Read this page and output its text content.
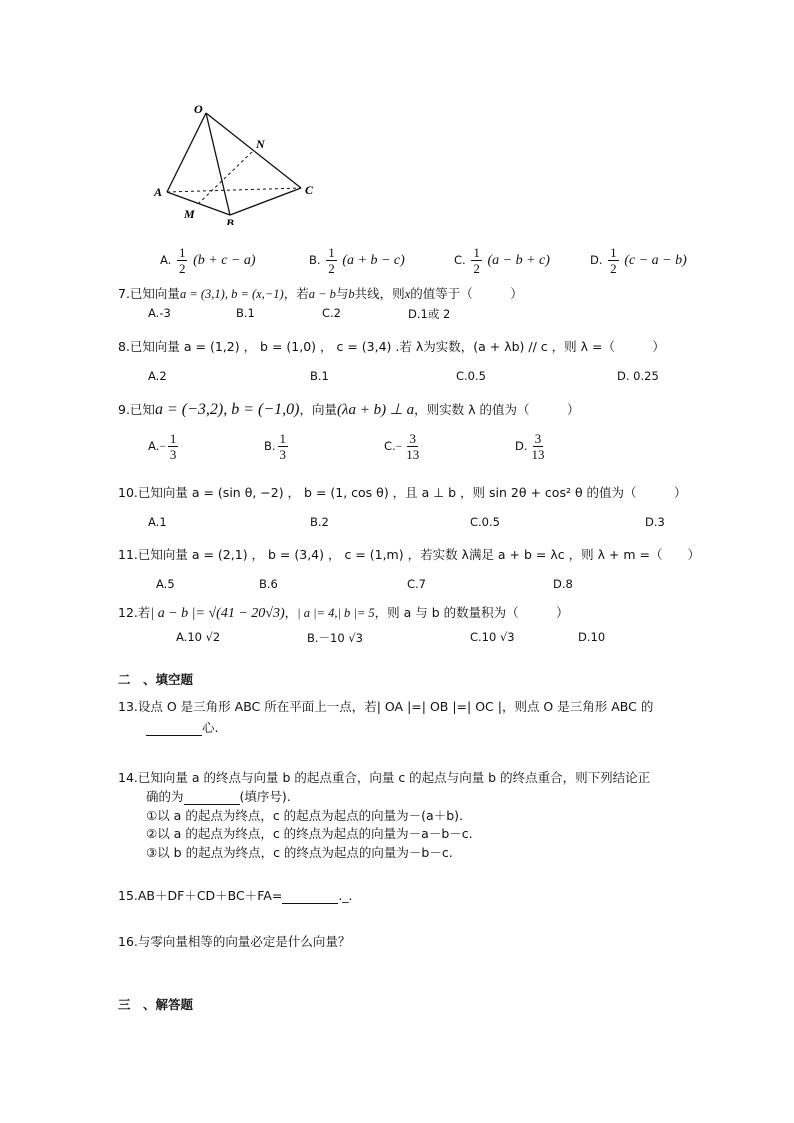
O
N
A	C
M
B
A. $\frac{1}{2} (b + c - a)$	B. $\frac{1}{2} (a + b - c)$	C. $\frac{1}{2} (a - b + c)$	D. $\frac{1}{2} (c - a - b)$
7.已知向量a = (3,1), b = (x,−1)，若a − b与b共线，则x的值等于（　　　）
A.-3	B.1	C.2	D.1或 2
8.已知向量 a = (1,2) ， b = (1,0) ， c = (3,4) .若 λ为实数，(a + λb) // c ，则 λ =（　　　）
A.2	B.1	C.0.5	D. 0.25
9.已知a = (−3,2), b = (−1,0)，向量(λa + b) ⊥ a，则实数 λ 的值为（　　　）
$A.- \frac{1}{3}$	B. $\frac{1}{3}$	$C.- \frac{3}{13}$	D. $\frac{3}{13}$
10.已知向量 a = (sin θ, −2) ， b = (1, cos θ) ，且 a ⊥ b ，则 sin 2θ + cos² θ 的值为（　　　）
A.1	B.2	C.0.5	D.3
11.已知向量 a = (2,1) ， b = (3,4) ， c = (1,m) ，若实数 λ满足 a + b = λc ，则 λ + m =（　　）
A.5	B.6	C.7	D.8
12.若| a − b |= √(41 − 20√3)，| a |= 4,| b |= 5，则 a 与 b 的数量积为（　　　）
A.10 √2	B.－10 √3	C.10 √3	D.10
二　、填空题
13.设点 O 是三角形 ABC 所在平面上一点，若| OA |=| OB |=| OC |，则点 O 是三角形 ABC 的
心.
14.已知向量 a 的终点与向量 b 的起点重合，向量 c 的起点与向量 b 的终点重合，则下列结论正
确的为	(填序号).
①以 a 的起点为终点，c 的起点为起点的向量为－(a＋b).
②以 a 的起点为终点，c 的终点为起点的向量为－a－b－c.
③以 b 的起点为终点，c 的终点为起点的向量为－b－c.
15.AB＋DF＋CD＋BC＋FA=	._.
16.与零向量相等的向量必定是什么向量？
三　、解答题
